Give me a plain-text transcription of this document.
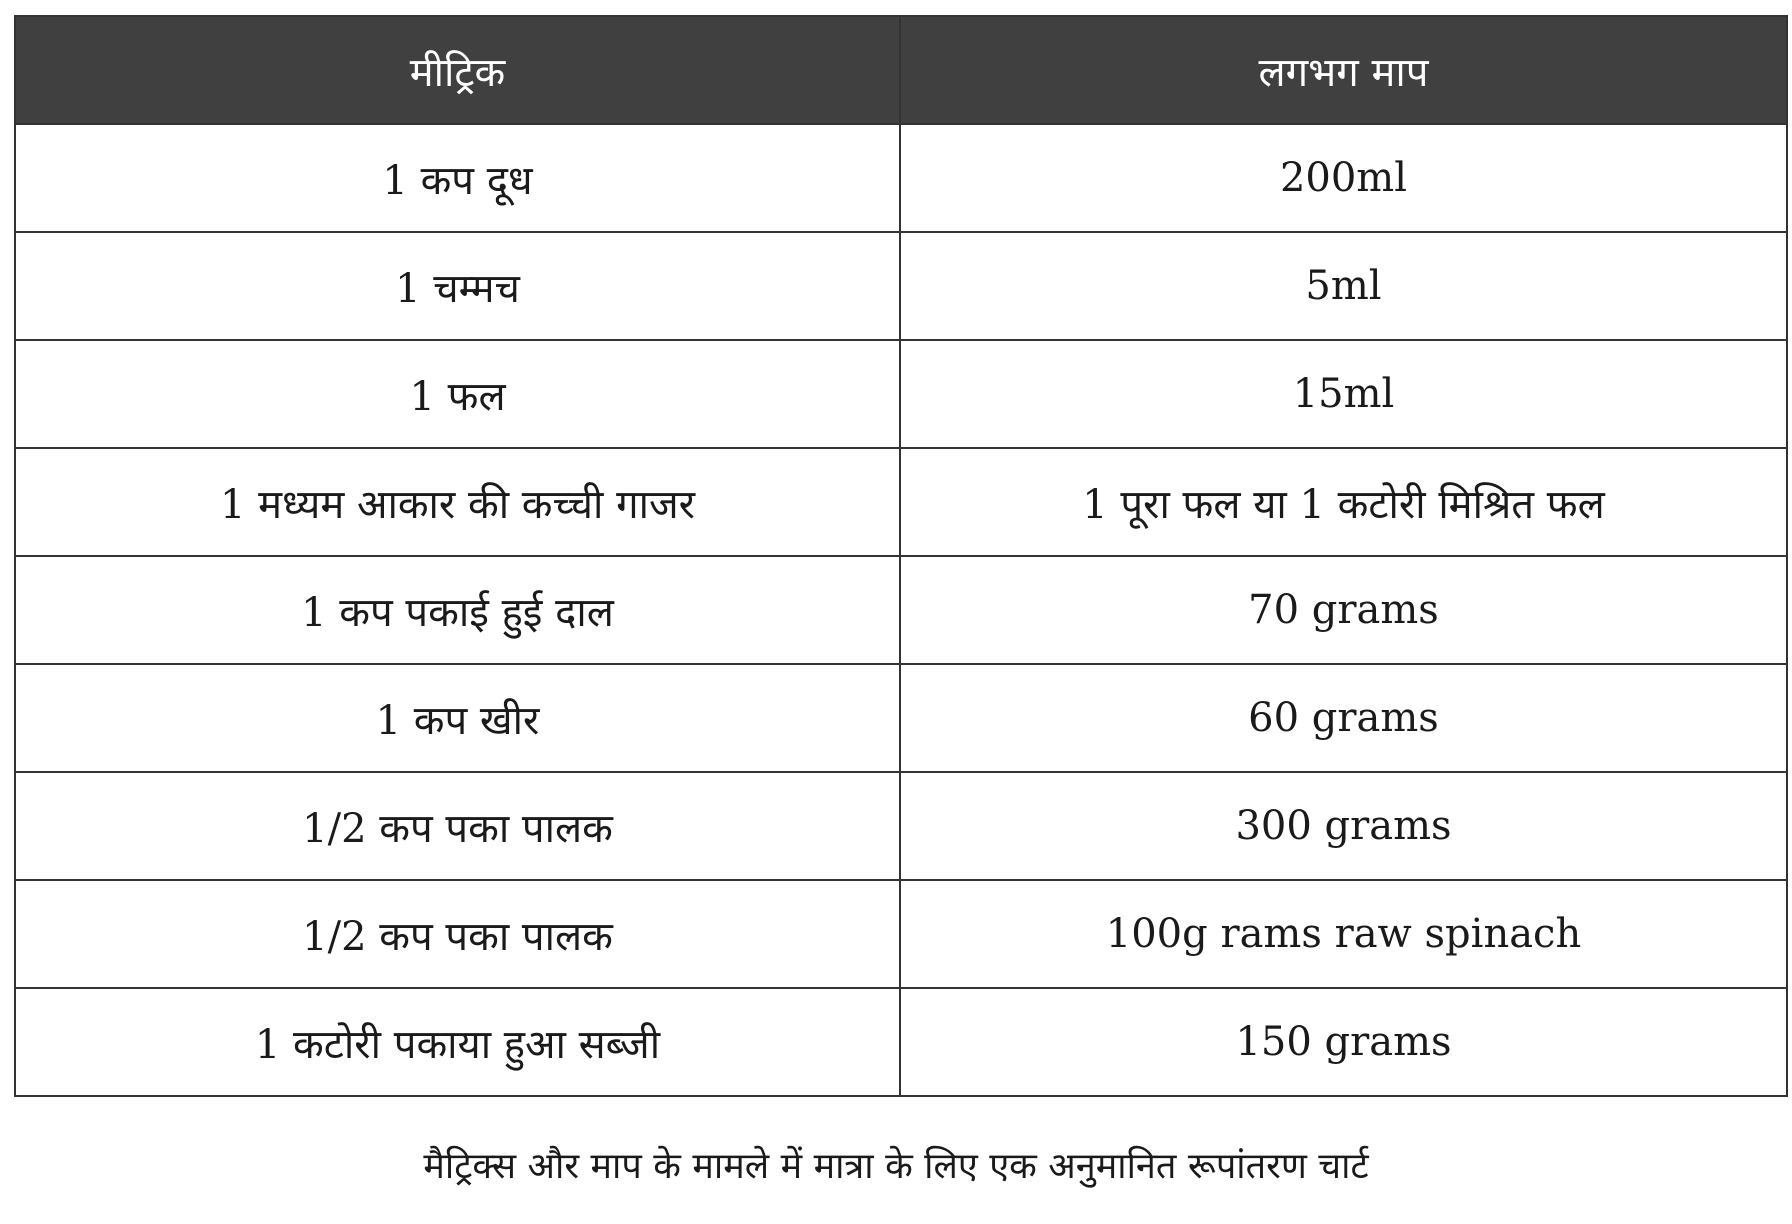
मीट्रिक	लगभग माप
1 कप दूध	200ml
1 चम्मच	5ml
1 फल	15ml
1 मध्यम आकार की कच्ची गाजर	1 पूरा फल या 1 कटोरी मिश्रित फल
1 कप पकाई हुई दाल	70 grams
1 कप खीर	60 grams
1/2 कप पका पालक	300 grams
1/2 कप पका पालक	100g rams raw spinach
1 कटोरी पकाया हुआ सब्जी	150 grams
मैट्रिक्स और माप के मामले में मात्रा के लिए एक अनुमानित रूपांतरण चार्ट
